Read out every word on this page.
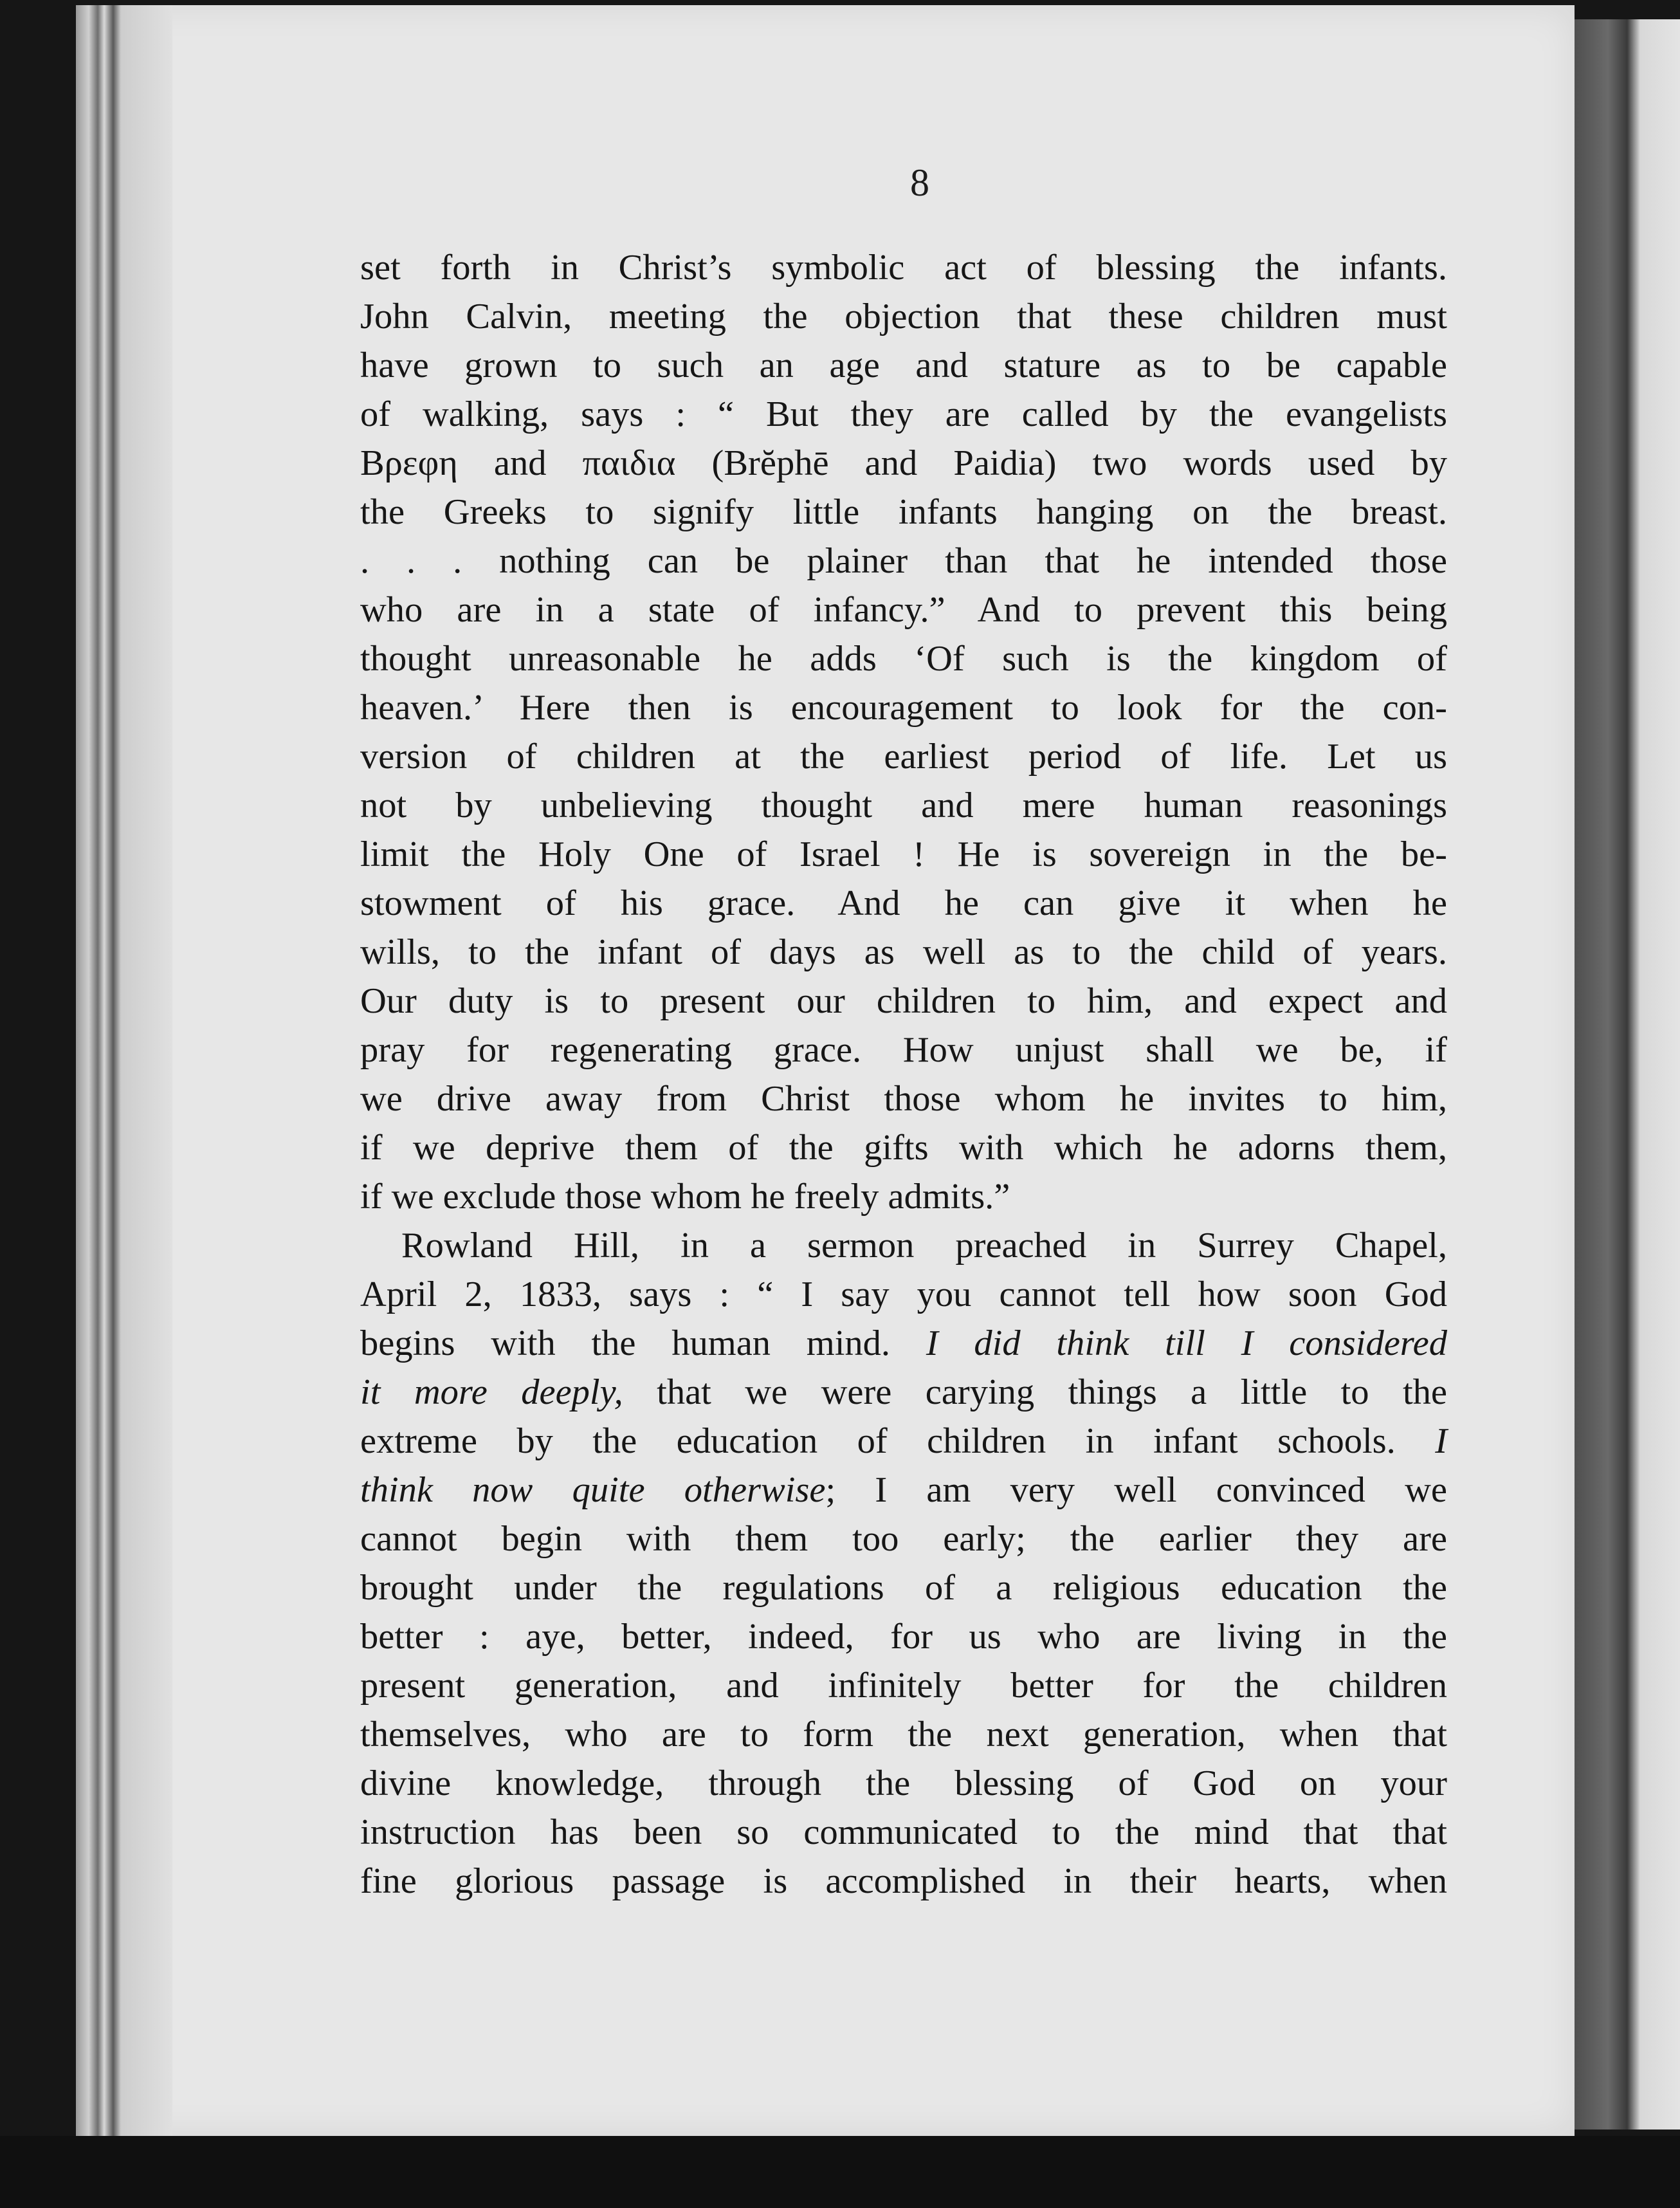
8
set forth in Christ’s symbolic act of blessing the infants.
John Calvin, meeting the objection that these children must
have grown to such an age and stature as to be capable
of walking, says : “ But they are called by the evangelists
Βρεφη and παιδια (Brĕphē and Paidia) two words used by
the Greeks to signify little infants hanging on the breast.
. . . nothing can be plainer than that he intended those
who are in a state of infancy.” And to prevent this being
thought unreasonable he adds ‘Of such is the kingdom of
heaven.’ Here then is encouragement to look for the con-
version of children at the earliest period of life. Let us
not by unbelieving thought and mere human reasonings
limit the Holy One of Israel ! He is sovereign in the be-
stowment of his grace. And he can give it when he
wills, to the infant of days as well as to the child of years.
Our duty is to present our children to him, and expect and
pray for regenerating grace. How unjust shall we be, if
we drive away from Christ those whom he invites to him,
if we deprive them of the gifts with which he adorns them,
if we exclude those whom he freely admits.”
Rowland Hill, in a sermon preached in Surrey Chapel,
April 2, 1833, says : “ I say you cannot tell how soon God
begins with the human mind. I did think till I considered
it more deeply, that we were carying things a little to the
extreme by the education of children in infant schools. I
think now quite otherwise; I am very well convinced we
cannot begin with them too early; the earlier they are
brought under the regulations of a religious education the
better : aye, better, indeed, for us who are living in the
present generation, and infinitely better for the children
themselves, who are to form the next generation, when that
divine knowledge, through the blessing of God on your
instruction has been so communicated to the mind that that
fine glorious passage is accomplished in their hearts, when
